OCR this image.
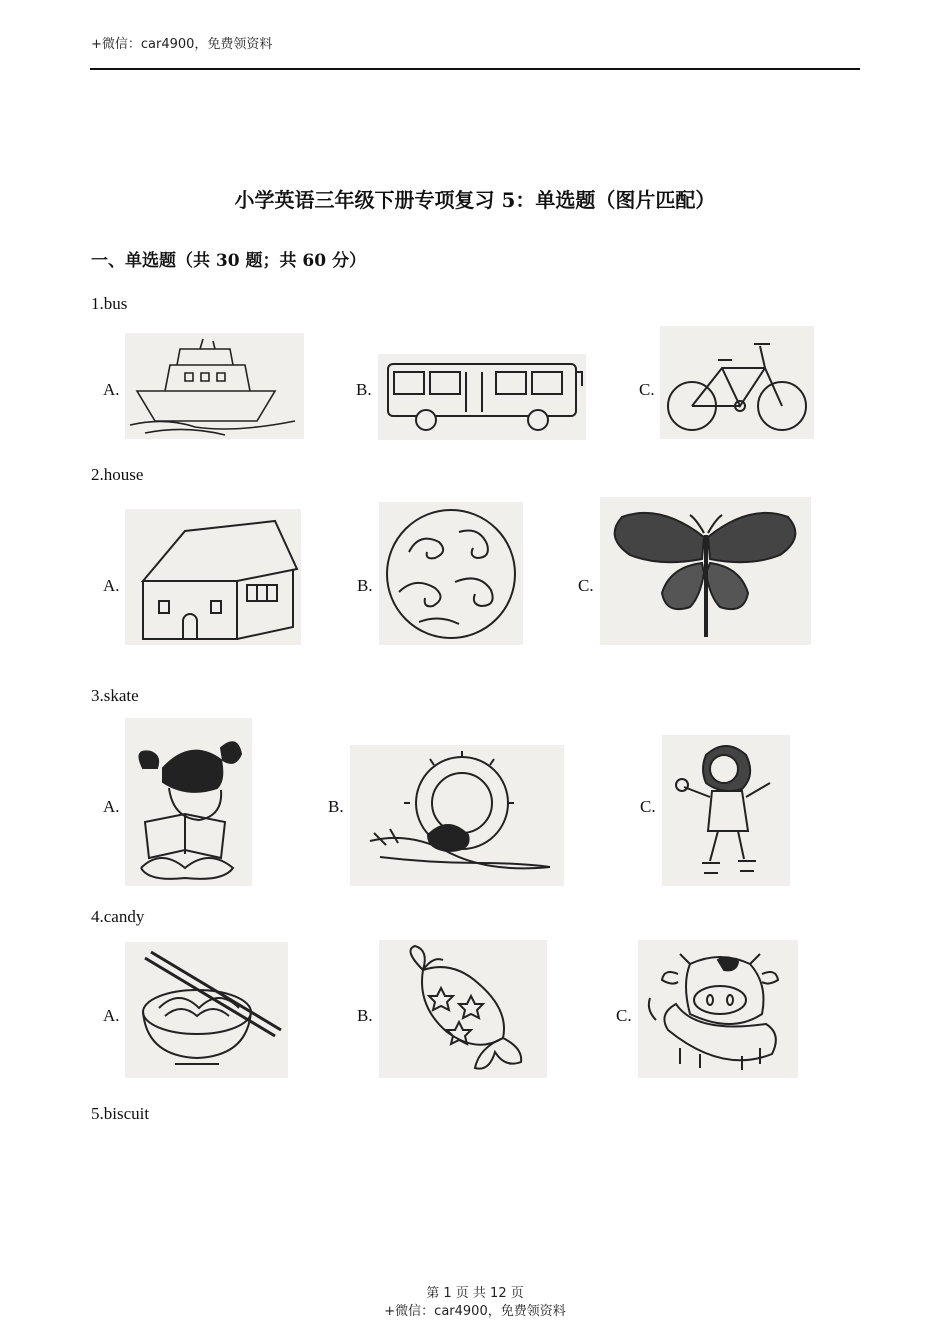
+微信：car4900，免费领资料
小学英语三年级下册专项复习 5：单选题（图片匹配）
一、单选题（共 30 题；共 60 分）
1.bus
A.	B.	C.
2.house
A.	B.	C.
3.skate
A.	B.	C.
4.candy
A.	B.	C.
5.biscuit
第 1 页 共 12 页
+微信：car4900，免费领资料
